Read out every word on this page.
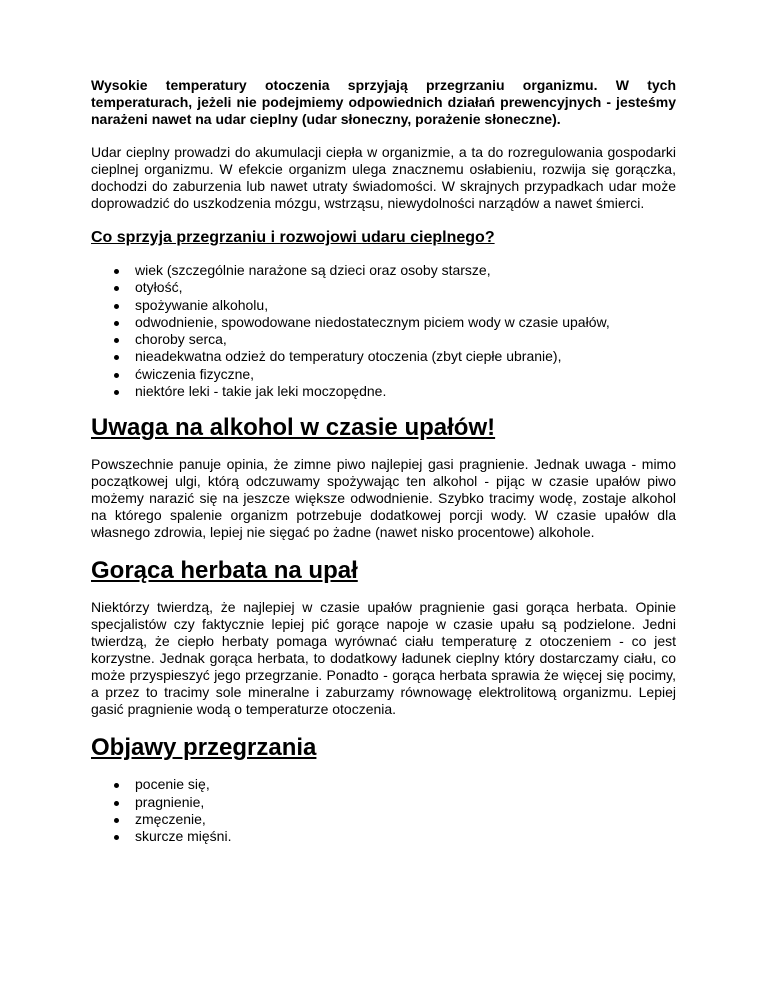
Wysokie temperatury otoczenia sprzyjają przegrzaniu organizmu. W tych temperaturach, jeżeli nie podejmiemy odpowiednich działań prewencyjnych - jesteśmy narażeni nawet na udar cieplny (udar słoneczny, porażenie słoneczne).

Udar cieplny prowadzi do akumulacji ciepła w organizmie, a ta do rozregulowania gospodarki cieplnej organizmu. W efekcie organizm ulega znacznemu osłabieniu, rozwija się gorączka, dochodzi do zaburzenia lub nawet utraty świadomości. W skrajnych przypadkach udar może doprowadzić do uszkodzenia mózgu, wstrząsu, niewydolności narządów a nawet śmierci.

Co sprzyja przegrzaniu i rozwojowi udaru cieplnego?
wiek (szczególnie narażone są dzieci oraz osoby starsze,
otyłość,
spożywanie alkoholu,
odwodnienie, spowodowane niedostatecznym piciem wody w czasie upałów,
choroby serca,
nieadekwatna odzież do temperatury otoczenia (zbyt ciepłe ubranie),
ćwiczenia fizyczne,
niektóre leki - takie jak leki moczopędne.
Uwaga na alkohol w czasie upałów!

Powszechnie panuje opinia, że zimne piwo najlepiej gasi pragnienie. Jednak uwaga - mimo początkowej ulgi, którą odczuwamy spożywając ten alkohol - pijąc w czasie upałów piwo możemy narazić się na jeszcze większe odwodnienie. Szybko tracimy wodę, zostaje alkohol na którego spalenie organizm potrzebuje dodatkowej porcji wody. W czasie upałów dla własnego zdrowia, lepiej nie sięgać po żadne (nawet nisko procentowe) alkohole.

Gorąca herbata na upał

Niektórzy twierdzą, że najlepiej w czasie upałów pragnienie gasi gorąca herbata. Opinie specjalistów czy faktycznie lepiej pić gorące napoje w czasie upału są podzielone. Jedni twierdzą, że ciepło herbaty pomaga wyrównać ciału temperaturę z otoczeniem - co jest korzystne. Jednak gorąca herbata, to dodatkowy ładunek cieplny który dostarczamy ciału, co może przyspieszyć jego przegrzanie. Ponadto - gorąca herbata sprawia że więcej się pocimy, a przez to tracimy sole mineralne i zaburzamy równowagę elektrolitową organizmu. Lepiej gasić pragnienie wodą o temperaturze otoczenia.

Objawy przegrzania
pocenie się,
pragnienie,
zmęczenie,
skurcze mięśni.
